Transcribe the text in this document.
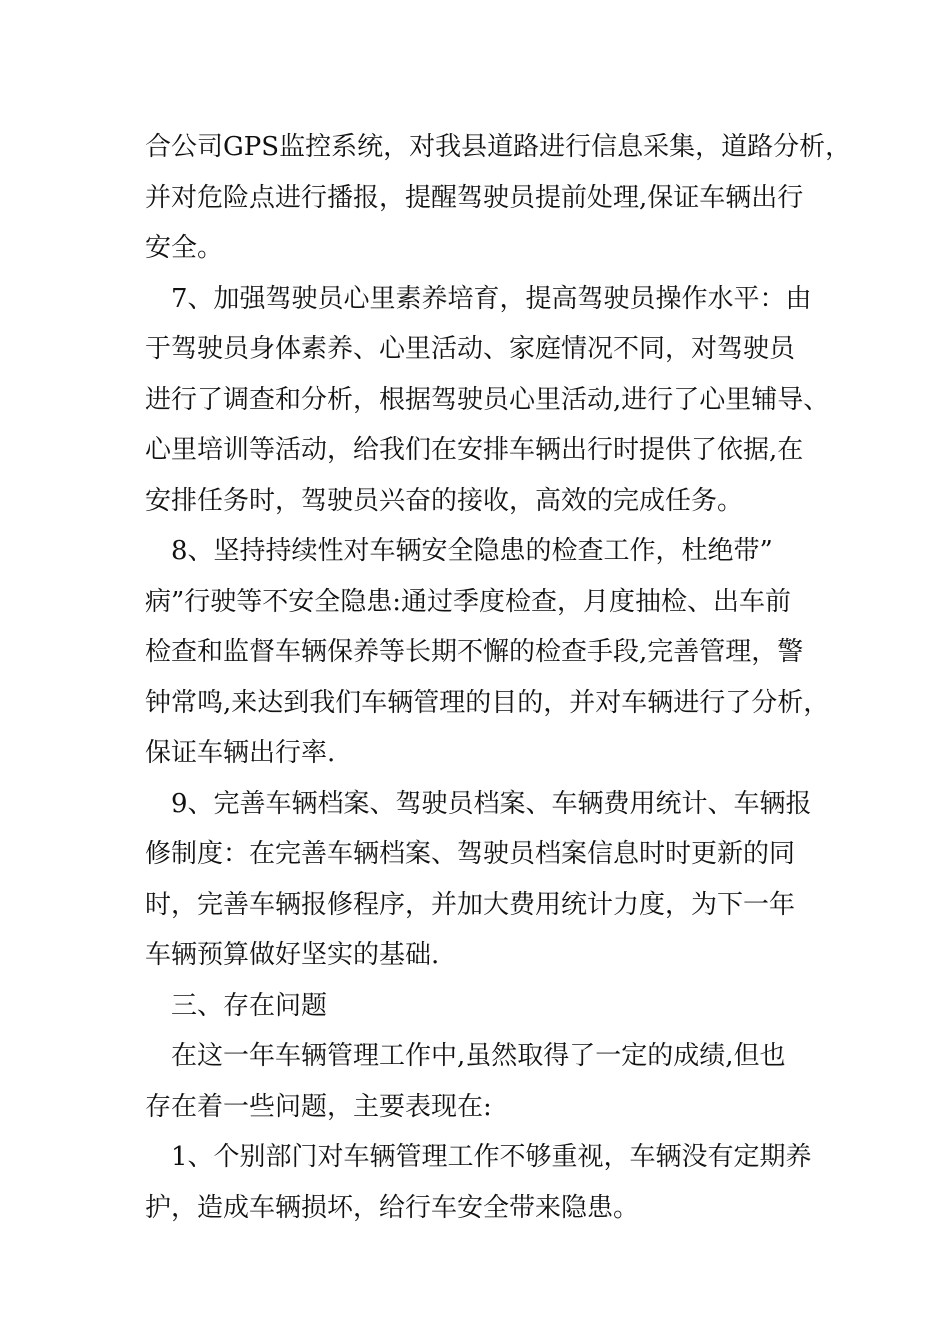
合公司GPS监控系统，对我县道路进行信息采集，道路分析，
并对危险点进行播报，提醒驾驶员提前处理,保证车辆出行
安全。
7、加强驾驶员心里素养培育，提高驾驶员操作水平：由
于驾驶员身体素养、心里活动、家庭情况不同，对驾驶员
进行了调查和分析，根据驾驶员心里活动,进行了心里辅导、
心里培训等活动，给我们在安排车辆出行时提供了依据,在
安排任务时，驾驶员兴奋的接收，高效的完成任务。
8、坚持持续性对车辆安全隐患的检查工作，杜绝带”
病”行驶等不安全隐患:通过季度检查，月度抽检、出车前
检查和监督车辆保养等长期不懈的检查手段,完善管理，警
钟常鸣,来达到我们车辆管理的目的，并对车辆进行了分析，
保证车辆出行率.
9、完善车辆档案、驾驶员档案、车辆费用统计、车辆报
修制度：在完善车辆档案、驾驶员档案信息时时更新的同
时，完善车辆报修程序，并加大费用统计力度，为下一年
车辆预算做好坚实的基础.
三、存在问题
在这一年车辆管理工作中,虽然取得了一定的成绩,但也
存在着一些问题，主要表现在:
1、个别部门对车辆管理工作不够重视，车辆没有定期养
护，造成车辆损坏，给行车安全带来隐患。
